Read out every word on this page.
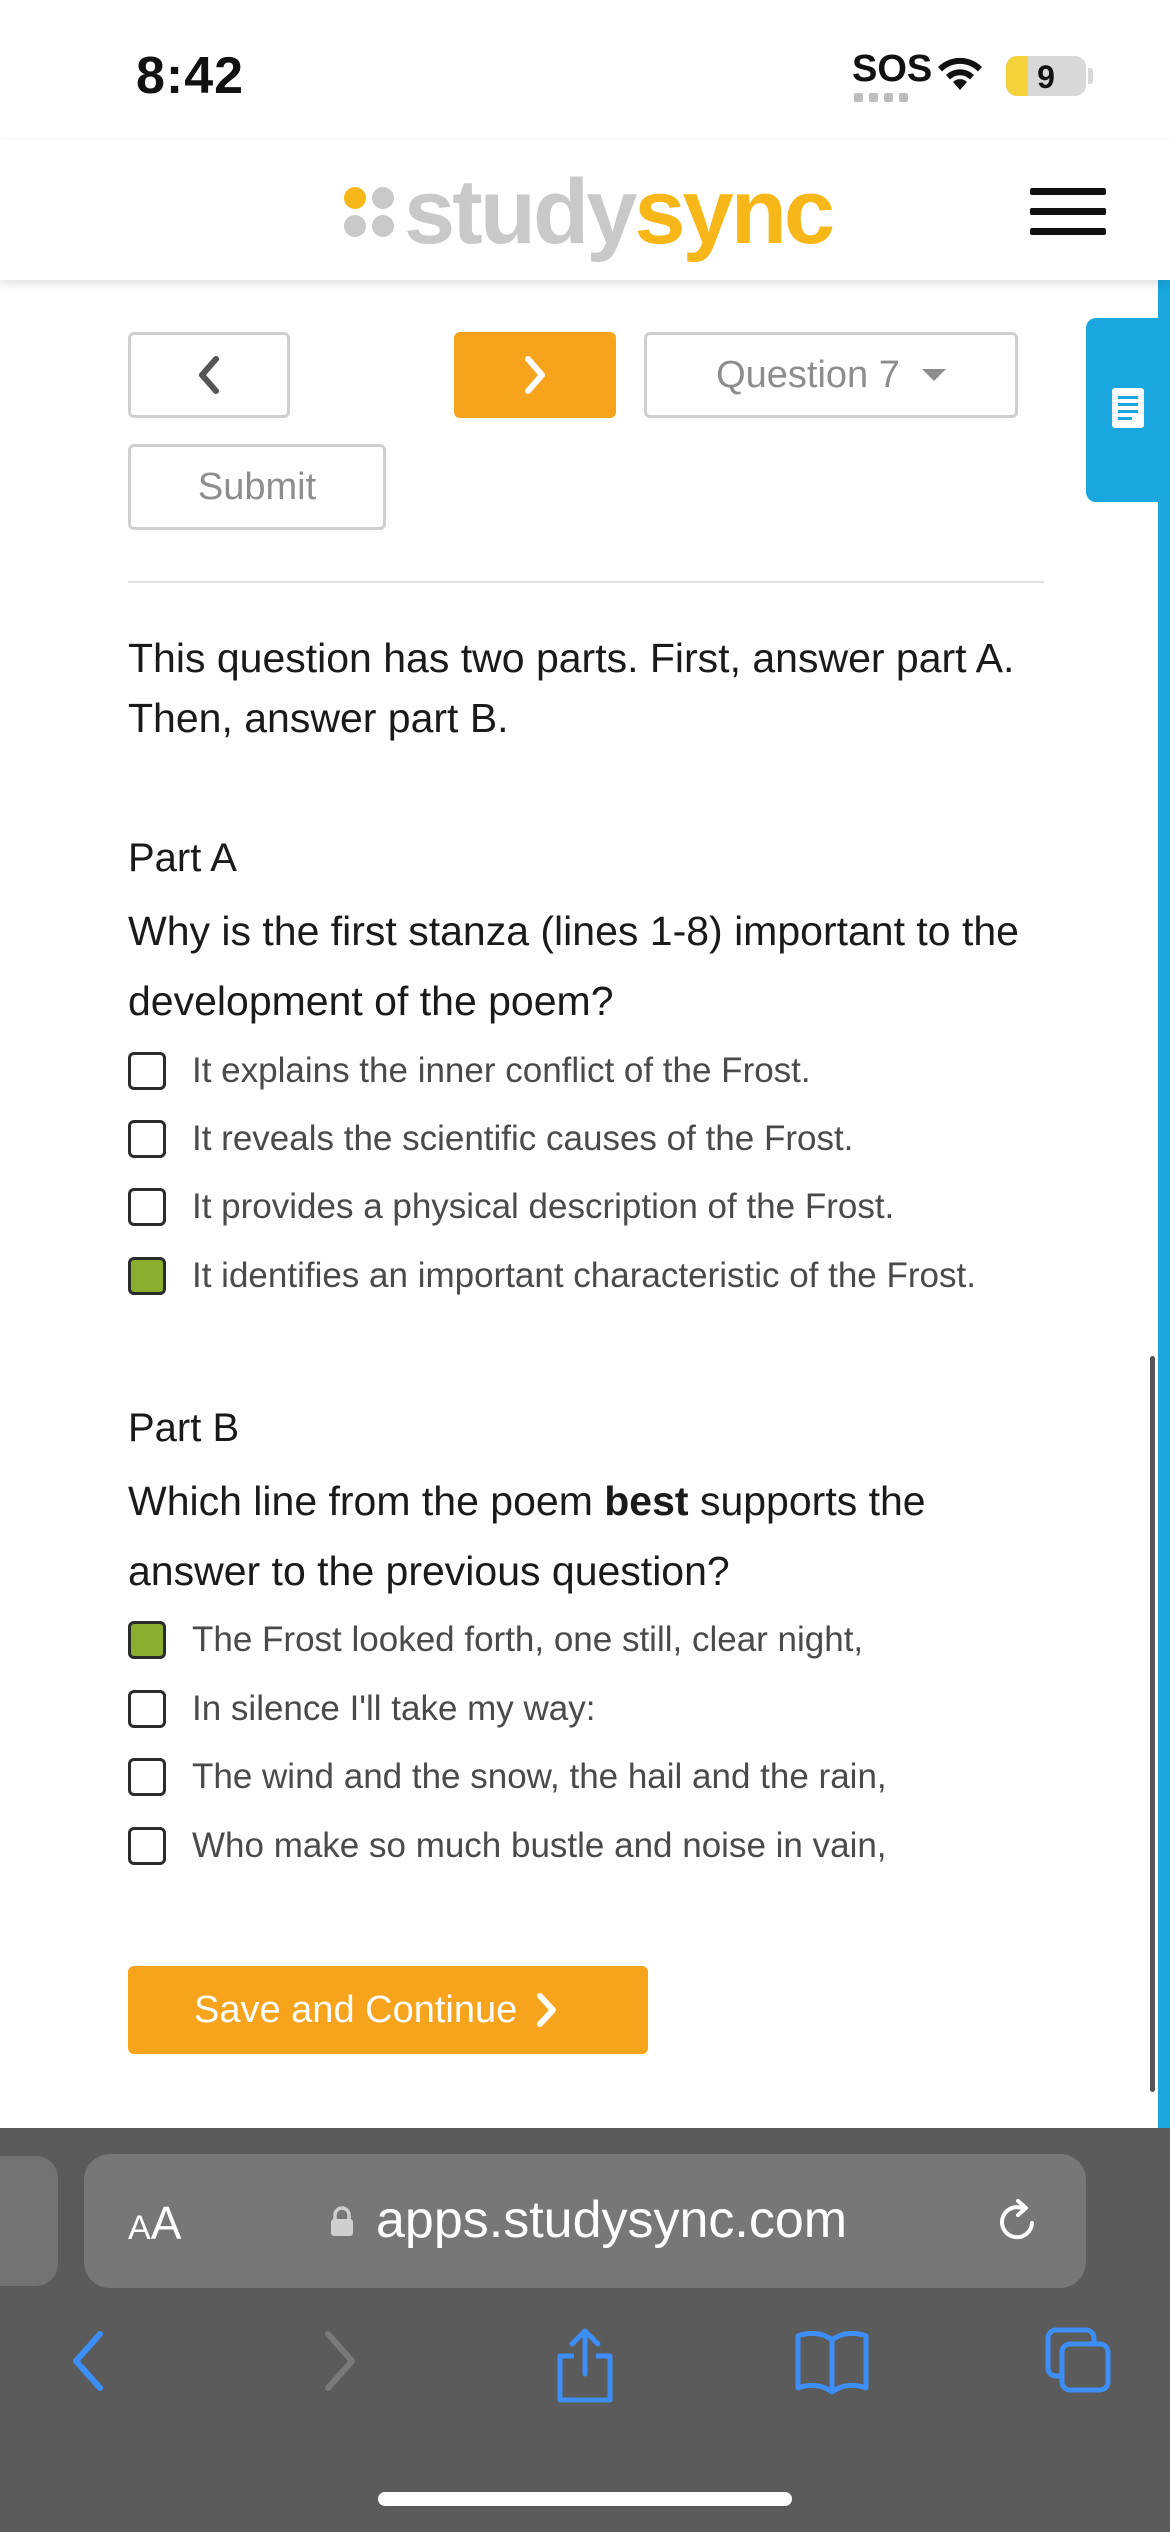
8:42	SOS	9
study sync
Question 7
Submit
This question has two parts. First, answer part A. Then, answer part B.
Part A
Why is the first stanza (lines 1-8) important to the development of the poem?
It explains the inner conflict of the Frost.
It reveals the scientific causes of the Frost.
It provides a physical description of the Frost.
It identifies an important characteristic of the Frost.
Part B
Which line from the poem best supports the answer to the previous question?
The Frost looked forth, one still, clear night,
In silence I'll take my way:
The wind and the snow, the hail and the rain,
Who make so much bustle and noise in vain,
Save and Continue
AA	apps.studysync.com
